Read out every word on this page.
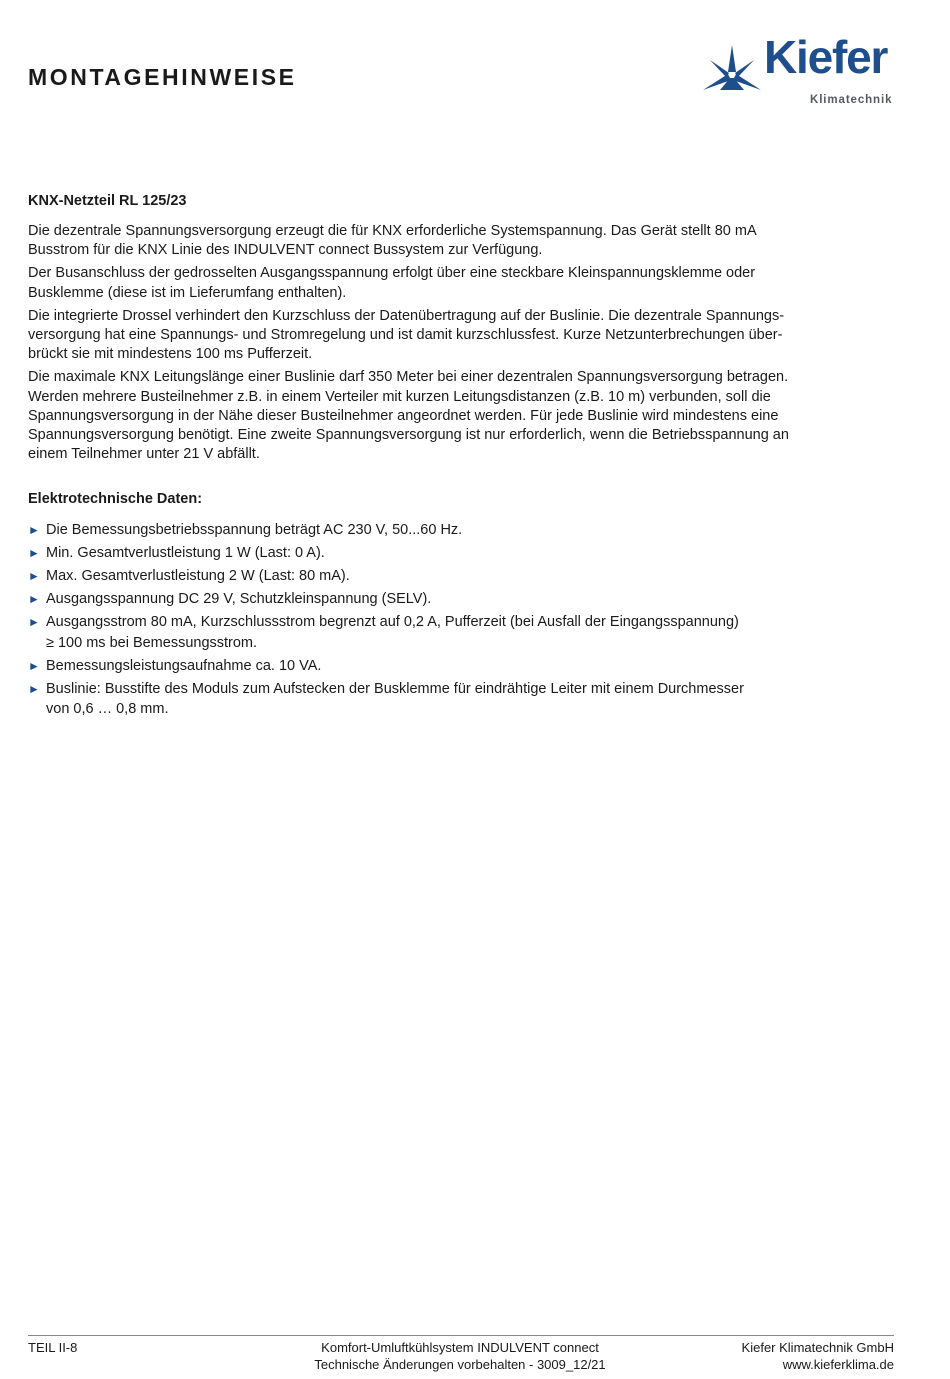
MONTAGEHINWEISE	Kiefer
Klimatechnik
KNX-Netzteil RL 125/23

Die dezentrale Spannungsversorgung erzeugt die für KNX erforderliche Systemspannung. Das Gerät stellt 80 mA
Busstrom für die KNX Linie des INDULVENT connect Bussystem zur Verfügung.

Der Busanschluss der gedrosselten Ausgangsspannung erfolgt über eine steckbare Kleinspannungsklemme oder
Busklemme (diese ist im Lieferumfang enthalten).

Die integrierte Drossel verhindert den Kurzschluss der Datenübertragung auf der Buslinie. Die dezentrale Spannungs-
versorgung hat eine Spannungs- und Stromregelung und ist damit kurzschlussfest. Kurze Netzunterbrechungen über-
brückt sie mit mindestens 100 ms Pufferzeit.

Die maximale KNX Leitungslänge einer Buslinie darf 350 Meter bei einer dezentralen Spannungsversorgung betragen.
Werden mehrere Busteilnehmer z.B. in einem Verteiler mit kurzen Leitungsdistanzen (z.B. 10 m) verbunden, soll die
Spannungsversorgung in der Nähe dieser Busteilnehmer angeordnet werden. Für jede Buslinie wird mindestens eine
Spannungsversorgung benötigt. Eine zweite Spannungsversorgung ist nur erforderlich, wenn die Betriebsspannung an
einem Teilnehmer unter 21 V abfällt.

Elektrotechnische Daten:
► Die Bemessungsbetriebsspannung beträgt AC 230 V, 50...60 Hz.
► Min. Gesamtverlustleistung 1 W (Last: 0 A).
► Max. Gesamtverlustleistung 2 W (Last: 80 mA).
► Ausgangsspannung DC 29 V, Schutzkleinspannung (SELV).
► Ausgangsstrom 80 mA, Kurzschlussstrom begrenzt auf 0,2 A, Pufferzeit (bei Ausfall der Eingangsspannung)
≥ 100 ms bei Bemessungsstrom.
► Bemessungsleistungsaufnahme ca. 10 VA.
► Buslinie: Busstifte des Moduls zum Aufstecken der Busklemme für eindrähtige Leiter mit einem Durchmesser
von 0,6 … 0,8 mm.
TEIL II-8	Komfort-Umluftkühlsystem INDULVENT connect
Technische Änderungen vorbehalten - 3009_12/21
Kiefer Klimatechnik GmbH
www.kieferklima.de
